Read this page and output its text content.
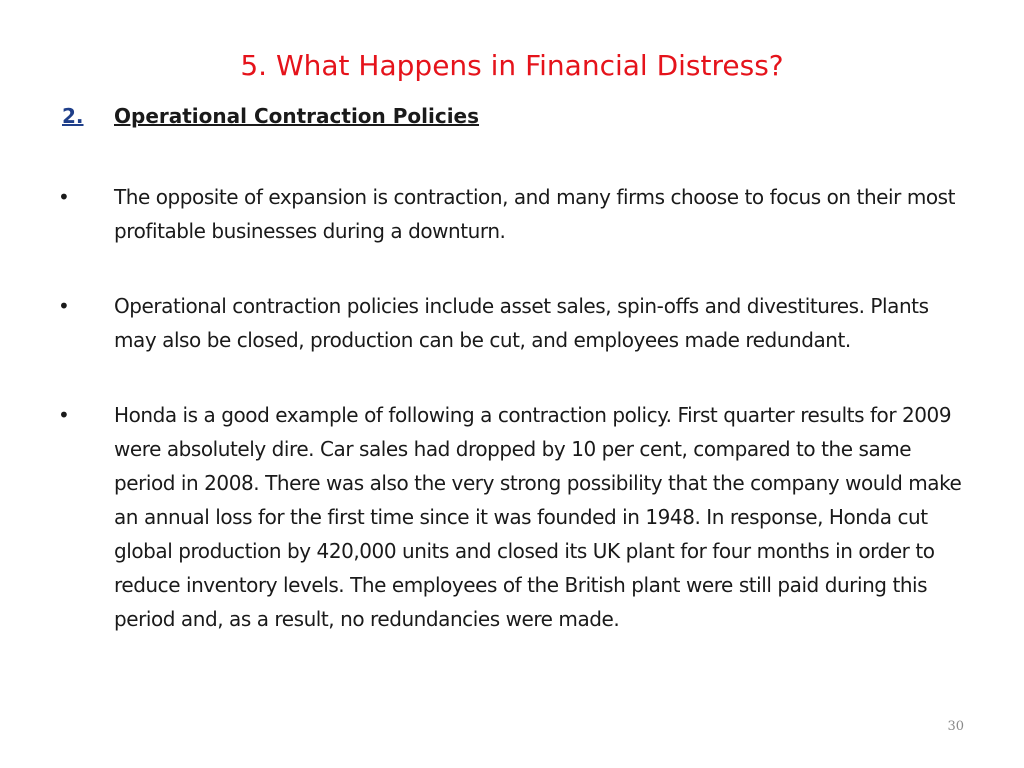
5. What Happens in Financial Distress?
2. Operational Contraction Policies
•	The opposite of expansion is contraction, and many firms choose to focus on their most profitable businesses during a downturn.
•	Operational contraction policies include asset sales, spin-offs and divestitures. Plants may also be closed, production can be cut, and employees made redundant.
•	Honda is a good example of following a contraction policy. First quarter results for 2009 were absolutely dire. Car sales had dropped by 10 per cent, compared to the same period in 2008. There was also the very strong possibility that the company would make an annual loss for the first time since it was founded in 1948. In response, Honda cut global production by 420,000 units and closed its UK plant for four months in order to reduce inventory levels. The employees of the British plant were still paid during this period and, as a result, no redundancies were made.
30
